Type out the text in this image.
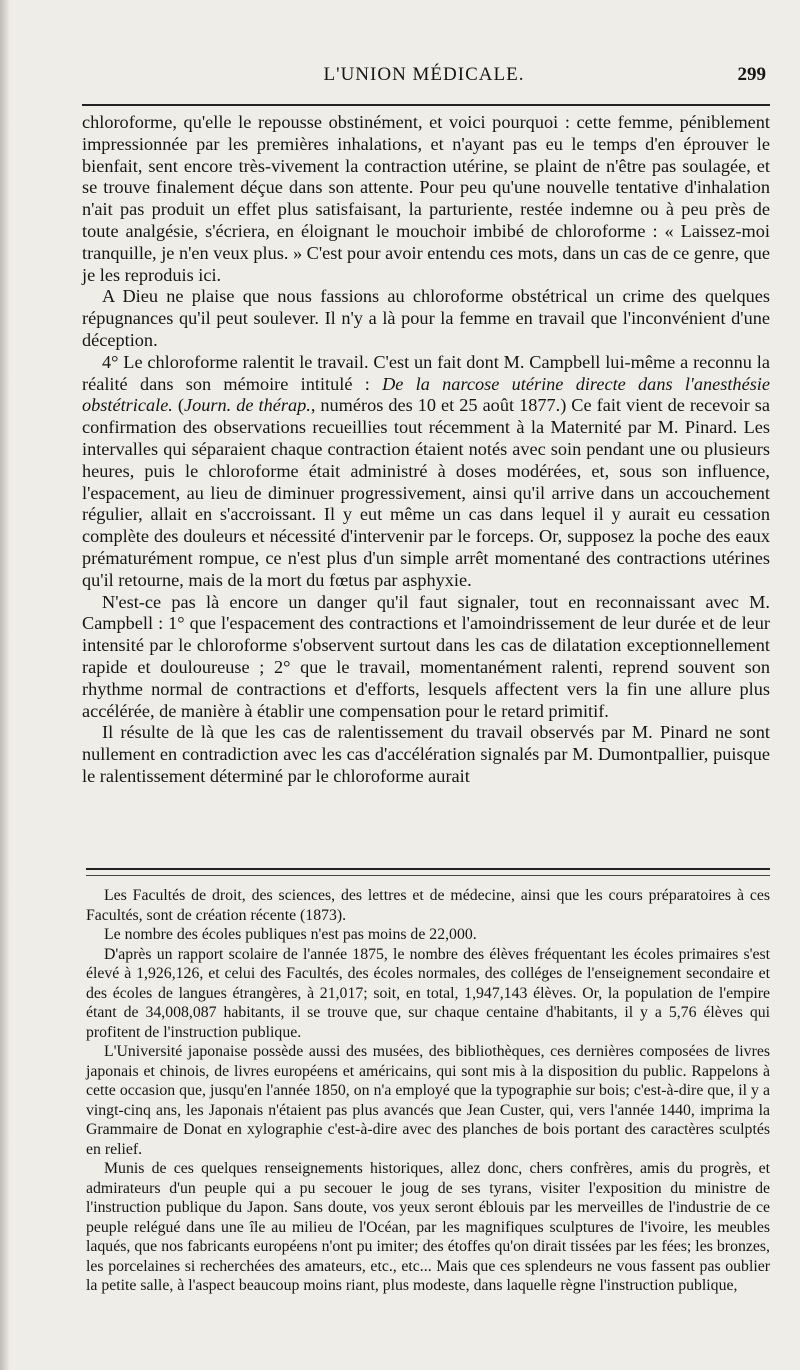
L'UNION MÉDICALE.	299

chloroforme, qu'elle le repousse obstinément, et voici pourquoi : cette femme, péniblement impressionnée par les premières inhalations, et n'ayant pas eu le temps d'en éprouver le bienfait, sent encore très-vivement la contraction utérine, se plaint de n'être pas soulagée, et se trouve finalement déçue dans son attente. Pour peu qu'une nouvelle tentative d'inhalation n'ait pas produit un effet plus satisfaisant, la parturiente, restée indemne ou à peu près de toute analgésie, s'écriera, en éloignant le mouchoir imbibé de chloroforme : « Laissez-moi tranquille, je n'en veux plus. » C'est pour avoir entendu ces mots, dans un cas de ce genre, que je les reproduis ici.

A Dieu ne plaise que nous fassions au chloroforme obstétrical un crime des quelques répugnances qu'il peut soulever. Il n'y a là pour la femme en travail que l'inconvénient d'une déception.

4° Le chloroforme ralentit le travail. C'est un fait dont M. Campbell lui-même a reconnu la réalité dans son mémoire intitulé : De la narcose utérine directe dans l'anesthésie obstétricale. (Journ. de thérap., numéros des 10 et 25 août 1877.) Ce fait vient de recevoir sa confirmation des observations recueillies tout récemment à la Maternité par M. Pinard. Les intervalles qui séparaient chaque contraction étaient notés avec soin pendant une ou plusieurs heures, puis le chloroforme était administré à doses modérées, et, sous son influence, l'espacement, au lieu de diminuer progressivement, ainsi qu'il arrive dans un accouchement régulier, allait en s'accroissant. Il y eut même un cas dans lequel il y aurait eu cessation complète des douleurs et nécessité d'intervenir par le forceps. Or, supposez la poche des eaux prématurément rompue, ce n'est plus d'un simple arrêt momentané des contractions utérines qu'il retourne, mais de la mort du fœtus par asphyxie.

N'est-ce pas là encore un danger qu'il faut signaler, tout en reconnaissant avec M. Campbell : 1° que l'espacement des contractions et l'amoindrissement de leur durée et de leur intensité par le chloroforme s'observent surtout dans les cas de dilatation exceptionnellement rapide et douloureuse ; 2° que le travail, momentanément ralenti, reprend souvent son rhythme normal de contractions et d'efforts, lesquels affectent vers la fin une allure plus accélérée, de manière à établir une compensation pour le retard primitif.

Il résulte de là que les cas de ralentissement du travail observés par M. Pinard ne sont nullement en contradiction avec les cas d'accélération signalés par M. Dumontpallier, puisque le ralentissement déterminé par le chloroforme aurait

Les Facultés de droit, des sciences, des lettres et de médecine, ainsi que les cours préparatoires à ces Facultés, sont de création récente (1873).

Le nombre des écoles publiques n'est pas moins de 22,000.

D'après un rapport scolaire de l'année 1875, le nombre des élèves fréquentant les écoles primaires s'est élevé à 1,926,126, et celui des Facultés, des écoles normales, des colléges de l'enseignement secondaire et des écoles de langues étrangères, à 21,017; soit, en total, 1,947,143 élèves. Or, la population de l'empire étant de 34,008,087 habitants, il se trouve que, sur chaque centaine d'habitants, il y a 5,76 élèves qui profitent de l'instruction publique.

L'Université japonaise possède aussi des musées, des bibliothèques, ces dernières composées de livres japonais et chinois, de livres européens et américains, qui sont mis à la disposition du public. Rappelons à cette occasion que, jusqu'en l'année 1850, on n'a employé que la typographie sur bois; c'est-à-dire que, il y a vingt-cinq ans, les Japonais n'étaient pas plus avancés que Jean Custer, qui, vers l'année 1440, imprima la Grammaire de Donat en xylographie c'est-à-dire avec des planches de bois portant des caractères sculptés en relief.

Munis de ces quelques renseignements historiques, allez donc, chers confrères, amis du progrès, et admirateurs d'un peuple qui a pu secouer le joug de ses tyrans, visiter l'exposition du ministre de l'instruction publique du Japon. Sans doute, vos yeux seront éblouis par les merveilles de l'industrie de ce peuple relégué dans une île au milieu de l'Océan, par les magnifiques sculptures de l'ivoire, les meubles laqués, que nos fabricants européens n'ont pu imiter; des étoffes qu'on dirait tissées par les fées; les bronzes, les porcelaines si recherchées des amateurs, etc., etc... Mais que ces splendeurs ne vous fassent pas oublier la petite salle, à l'aspect beaucoup moins riant, plus modeste, dans laquelle règne l'instruction publique,
